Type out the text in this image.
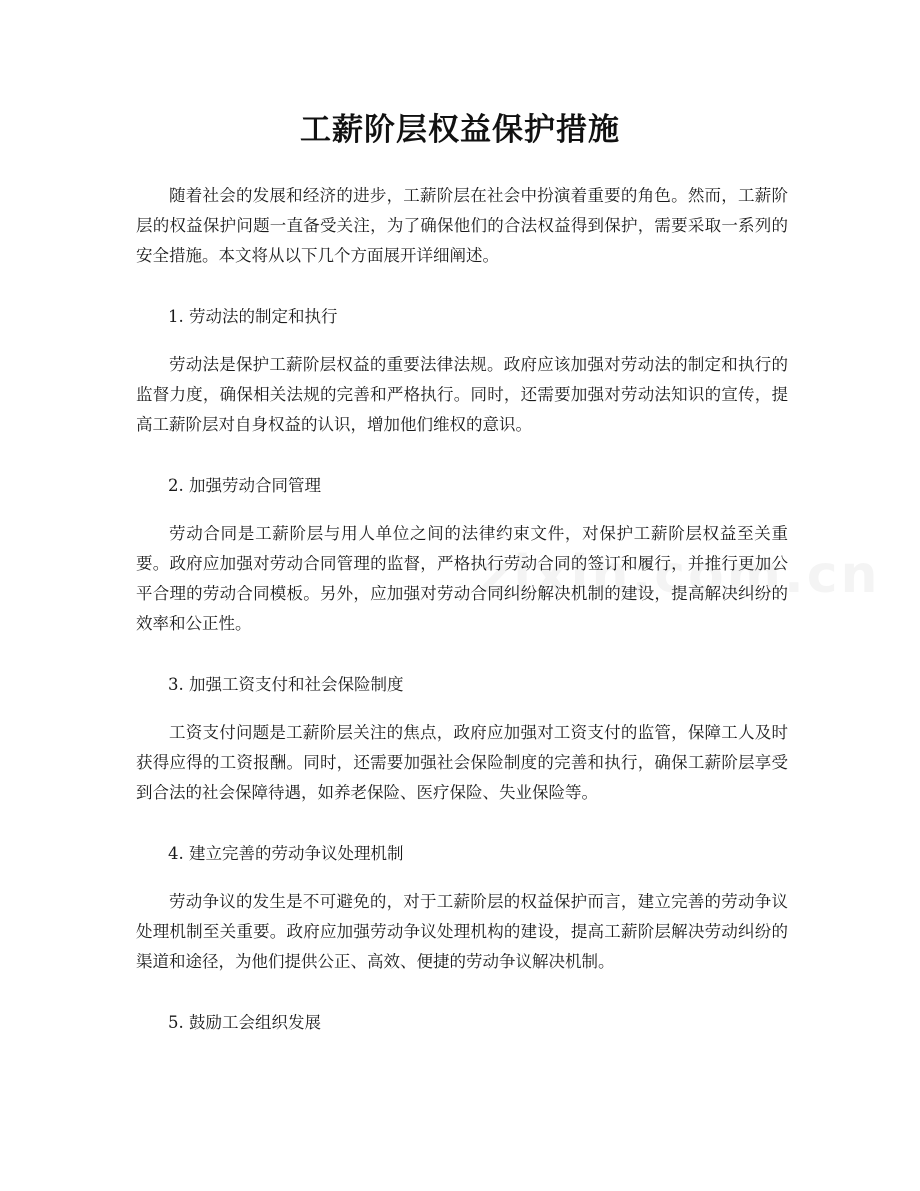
工薪阶层权益保护措施

随着社会的发展和经济的进步，工薪阶层在社会中扮演着重要的角色。然而，工薪阶层的权益保护问题一直备受关注，为了确保他们的合法权益得到保护，需要采取一系列的安全措施。本文将从以下几个方面展开详细阐述。

1. 劳动法的制定和执行

劳动法是保护工薪阶层权益的重要法律法规。政府应该加强对劳动法的制定和执行的监督力度，确保相关法规的完善和严格执行。同时，还需要加强对劳动法知识的宣传，提高工薪阶层对自身权益的认识，增加他们维权的意识。

2. 加强劳动合同管理

劳动合同是工薪阶层与用人单位之间的法律约束文件，对保护工薪阶层权益至关重要。政府应加强对劳动合同管理的监督，严格执行劳动合同的签订和履行，并推行更加公平合理的劳动合同模板。另外，应加强对劳动合同纠纷解决机制的建设，提高解决纠纷的效率和公正性。

3. 加强工资支付和社会保险制度

工资支付问题是工薪阶层关注的焦点，政府应加强对工资支付的监管，保障工人及时获得应得的工资报酬。同时，还需要加强社会保险制度的完善和执行，确保工薪阶层享受到合法的社会保障待遇，如养老保险、医疗保险、失业保险等。

4. 建立完善的劳动争议处理机制

劳动争议的发生是不可避免的，对于工薪阶层的权益保护而言，建立完善的劳动争议处理机制至关重要。政府应加强劳动争议处理机构的建设，提高工薪阶层解决劳动纠纷的渠道和途径，为他们提供公正、高效、便捷的劳动争议解决机制。

5. 鼓励工会组织发展
